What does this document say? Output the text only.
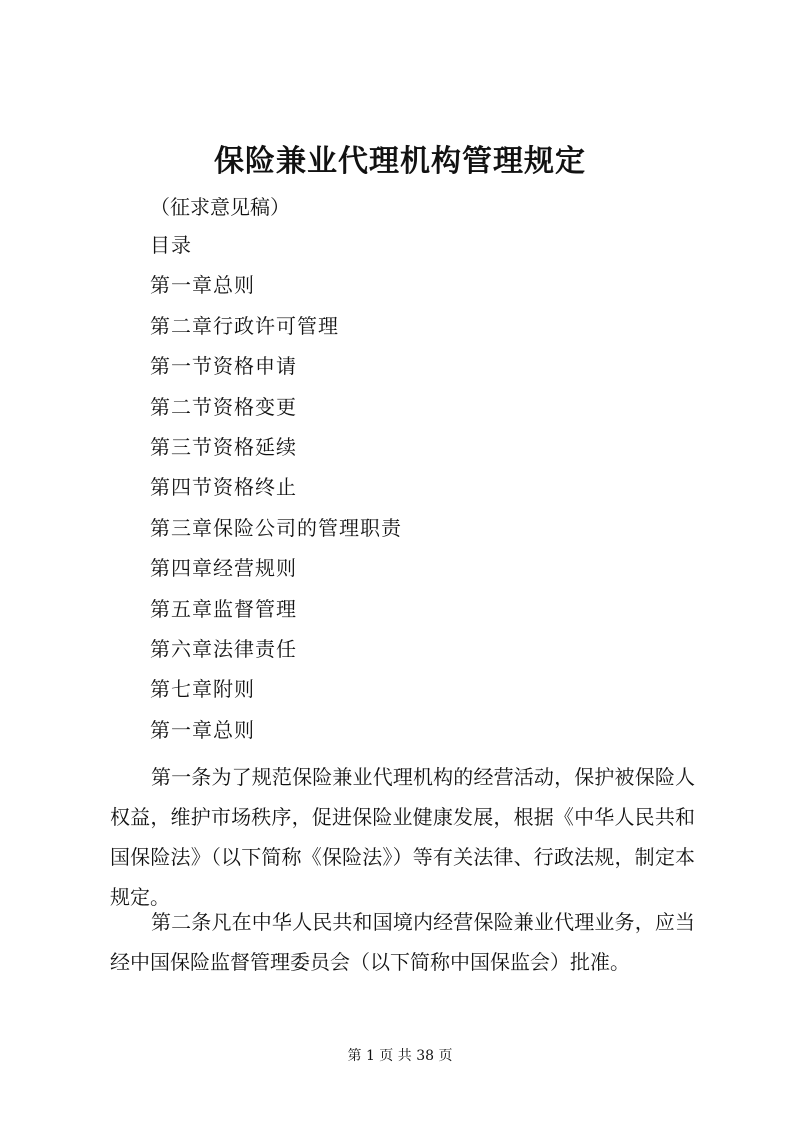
保险兼业代理机构管理规定
（征求意见稿）
目录
第一章总则
第二章行政许可管理
第一节资格申请
第二节资格变更
第三节资格延续
第四节资格终止
第三章保险公司的管理职责
第四章经营规则
第五章监督管理
第六章法律责任
第七章附则
第一章总则

第一条为了规范保险兼业代理机构的经营活动，保护被保险人权益，维护市场秩序，促进保险业健康发展，根据《中华人民共和国保险法》（以下简称《保险法》）等有关法律、行政法规，制定本规定。

第二条凡在中华人民共和国境内经营保险兼业代理业务，应当经中国保险监督管理委员会（以下简称中国保监会）批准。

第 1 页 共 38 页
